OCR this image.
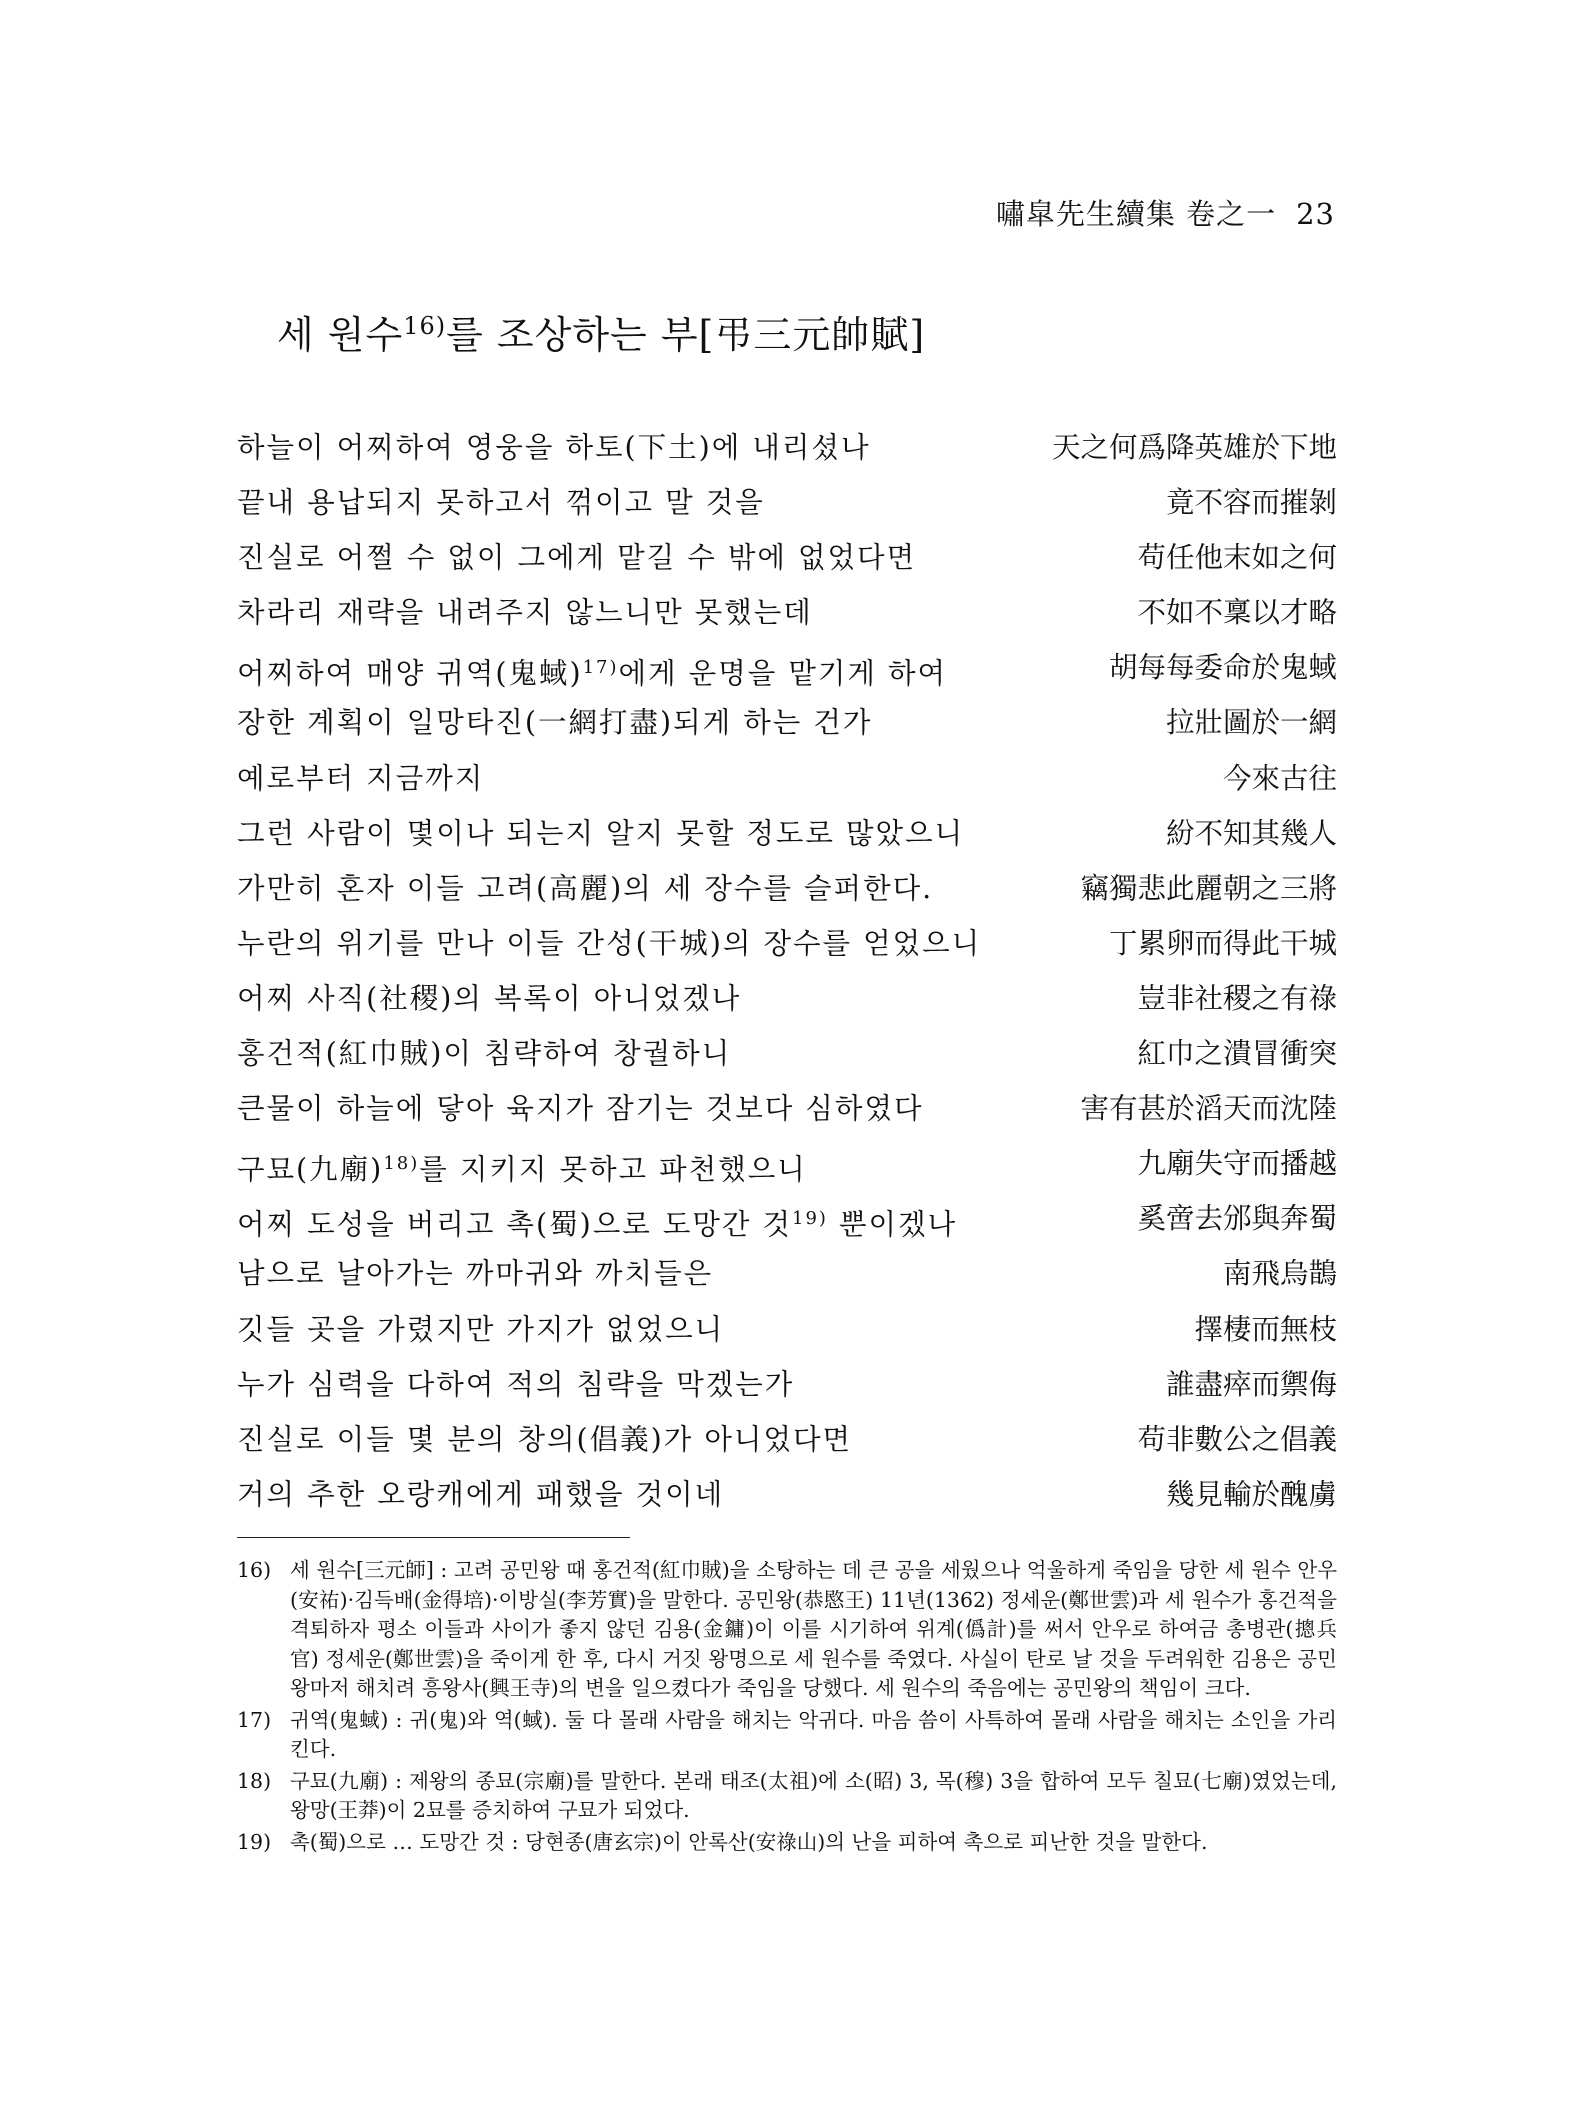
嘯皐先生續集 卷之一 23
세 원수$^{16)}$를 조상하는 부[弔三元帥賦]
하늘이 어찌하여 영웅을 하토(下土)에 내리셨나	天之何爲降英雄於下地
끝내 용납되지 못하고서 꺾이고 말 것을	竟不容而摧剝
진실로 어쩔 수 없이 그에게 맡길 수 밖에 없었다면	苟任他末如之何
차라리 재략을 내려주지 않느니만 못했는데	不如不稟以才略
어찌하여 매양 귀역(鬼蜮)$^{17)}$에게 운명을 맡기게 하여	胡每每委命於鬼蜮
장한 계획이 일망타진(一網打盡)되게 하는 건가	拉壯圖於一網
예로부터 지금까지	今來古往
그런 사람이 몇이나 되는지 알지 못할 정도로 많았으니	紛不知其幾人
가만히 혼자 이들 고려(高麗)의 세 장수를 슬퍼한다.	竊獨悲此麗朝之三將
누란의 위기를 만나 이들 간성(干城)의 장수를 얻었으니	丁累卵而得此干城
어찌 사직(社稷)의 복록이 아니었겠나	豈非社稷之有祿
홍건적(紅巾賊)이 침략하여 창궐하니	紅巾之潰冒衝突
큰물이 하늘에 닿아 육지가 잠기는 것보다 심하였다	害有甚於滔天而沈陸
구묘(九廟)$^{18)}$를 지키지 못하고 파천했으니	九廟失守而播越
어찌 도성을 버리고 촉(蜀)으로 도망간 것$^{19)}$ 뿐이겠나	奚啻去邠與奔蜀
남으로 날아가는 까마귀와 까치들은	南飛烏鵲
깃들 곳을 가렸지만 가지가 없었으니	擇棲而無枝
누가 심력을 다하여 적의 침략을 막겠는가	誰盡瘁而禦侮
진실로 이들 몇 분의 창의(倡義)가 아니었다면	苟非數公之倡義
거의 추한 오랑캐에게 패했을 것이네	幾見輸於醜虜
16) 세 원수[三元師] : 고려 공민왕 때 홍건적(紅巾賊)을 소탕하는 데 큰 공을 세웠으나 억울하게 죽임을 당한 세 원수 안우(安祐)·김득배(金得培)·이방실(李芳實)을 말한다. 공민왕(恭愍王) 11년(1362) 정세운(鄭世雲)과 세 원수가 홍건적을 격퇴하자 평소 이들과 사이가 좋지 않던 김용(金鏞)이 이를 시기하여 위계(僞計)를 써서 안우로 하여금 총병관(摠兵官) 정세운(鄭世雲)을 죽이게 한 후, 다시 거짓 왕명으로 세 원수를 죽였다. 사실이 탄로 날 것을 두려워한 김용은 공민왕마저 해치려 흥왕사(興王寺)의 변을 일으켰다가 죽임을 당했다. 세 원수의 죽음에는 공민왕의 책임이 크다.
17) 귀역(鬼蜮) : 귀(鬼)와 역(蜮). 둘 다 몰래 사람을 해치는 악귀다. 마음 씀이 사특하여 몰래 사람을 해치는 소인을 가리킨다.
18) 구묘(九廟) : 제왕의 종묘(宗廟)를 말한다. 본래 태조(太祖)에 소(昭) 3, 목(穆) 3을 합하여 모두 칠묘(七廟)였었는데, 왕망(王莽)이 2묘를 증치하여 구묘가 되었다.
19) 촉(蜀)으로 … 도망간 것 : 당현종(唐玄宗)이 안록산(安祿山)의 난을 피하여 촉으로 피난한 것을 말한다.
